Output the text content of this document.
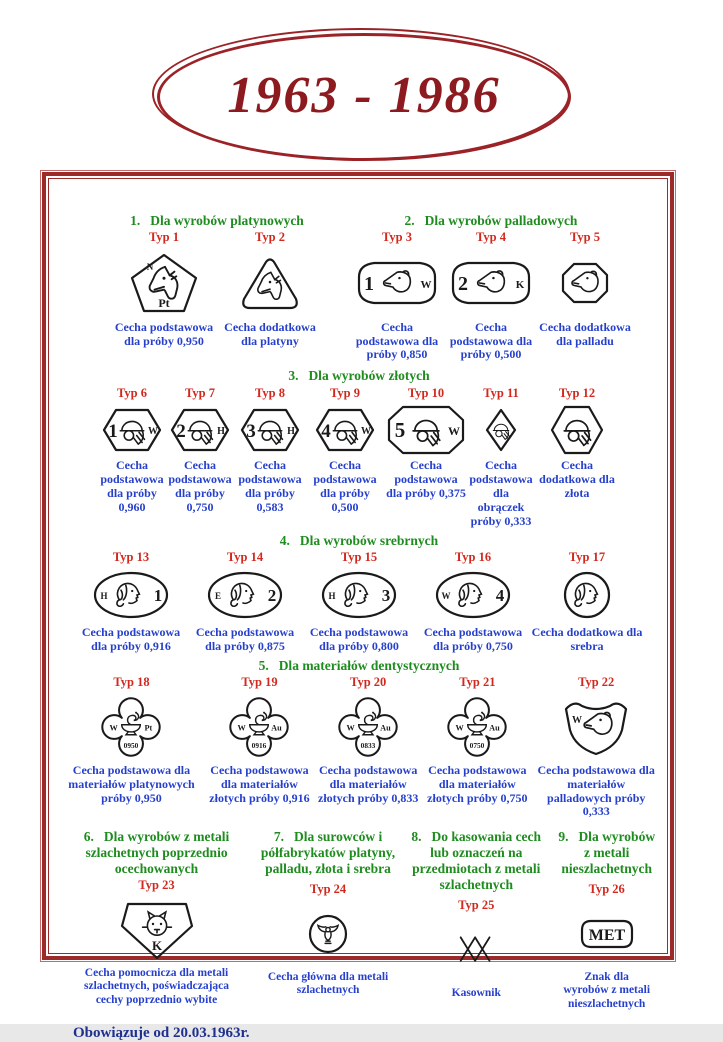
1963 - 1986
1. Dla wyrobów platynowych
Typ 1
Pt
N
Cecha podstawowa dla próby 0,950
Typ 2
Cecha dodatkowa dla platyny
2. Dla wyrobów palladowych
Typ 3
1	W
Cecha podstawowa dla próby 0,850
Typ 4
2	K
Cecha podstawowa dla próby 0,500
Typ 5
Cecha dodatkowa dla palladu
3. Dla wyrobów złotych
Typ 6
1	W
Cecha podstawowa dla próby 0,960
Typ 7
2	H
Cecha podstawowa dla próby 0,750
Typ 8
3	H
Cecha podstawowa dla próby 0,583
Typ 9
4	W
Cecha podstawowa dla próby 0,500
Typ 10
5	W
Cecha podstawowa dla próby 0,375
Typ 11
Cecha podstawowa dla obrączek próby 0,333
Typ 12
Cecha dodatkowa dla złota
4. Dla wyrobów srebrnych
Typ 13
H	1
Cecha podstawowa dla próby 0,916
Typ 14
E	2
Cecha podstawowa dla próby 0,875
Typ 15
H	3
Cecha podstawowa dla próby 0,800
Typ 16
W	4
Cecha podstawowa dla próby 0,750
Typ 17
Cecha dodatkowa dla srebra
5. Dla materiałów dentystycznych
Typ 18
W	Pt
0950
Cecha podstawowa dla materiałów platynowych próby 0,950
Typ 19
W	Au
0916
Cecha podstawowa dla materiałów złotych próby 0,916
Typ 20
W	Au
0833
Cecha podstawowa dla materiałów złotych próby 0,833
Typ 21
W	Au
0750
Cecha podstawowa dla materiałów złotych próby 0,750
Typ 22
W
Cecha podstawowa dla materiałów palladowych próby 0,333
6. Dla wyrobów z metali szlachetnych poprzednio ocechowanych
Typ 23
K
Cecha pomocnicza dla metali szlachetnych, poświadczająca cechy poprzednio wybite
7. Dla surowców i półfabrykatów platyny, palladu, złota i srebra
Typ 24
Cecha główna dla metali szlachetnych
8. Do kasowania cech lub oznaczeń na przedmiotach z metali szlachetnych
Typ 25
Kasownik
9. Dla wyrobów z metali nieszlachetnych
Typ 26
MET
Znak dla wyrobów z metali nieszlachetnych
Obowiązuje od 20.03.1963r.
